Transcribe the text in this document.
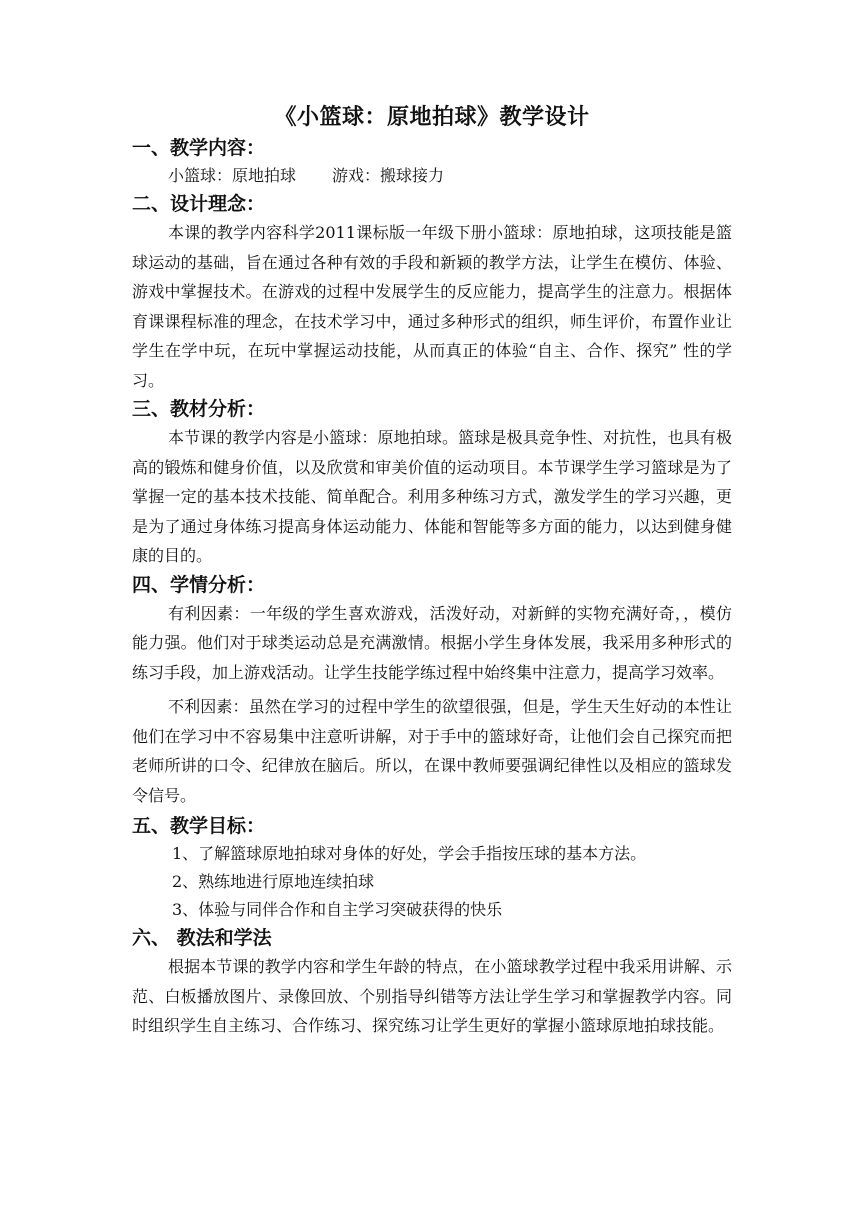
《小篮球：原地拍球》教学设计
一、教学内容：
小篮球：原地拍球 游戏：搬球接力
二、设计理念：

本课的教学内容科学2011课标版一年级下册小篮球：原地拍球，这项技能是篮球运动的基础，旨在通过各种有效的手段和新颖的教学方法，让学生在模仿、体验、游戏中掌握技术。在游戏的过程中发展学生的反应能力，提高学生的注意力。根据体育课课程标准的理念，在技术学习中，通过多种形式的组织，师生评价，布置作业让学生在学中玩，在玩中掌握运动技能，从而真正的体验“自主、合作、探究” 性的学习。

三、教材分析：

本节课的教学内容是小篮球：原地拍球。篮球是极具竞争性、对抗性，也具有极高的锻炼和健身价值，以及欣赏和审美价值的运动项目。本节课学生学习篮球是为了掌握一定的基本技术技能、简单配合。利用多种练习方式，激发学生的学习兴趣，更是为了通过身体练习提高身体运动能力、体能和智能等多方面的能力，以达到健身健康的目的。

四、学情分析：

有利因素：一年级的学生喜欢游戏，活泼好动，对新鲜的实物充满好奇，，模仿能力强。他们对于球类运动总是充满激情。根据小学生身体发展，我采用多种形式的练习手段，加上游戏活动。让学生技能学练过程中始终集中注意力，提高学习效率。

不利因素：虽然在学习的过程中学生的欲望很强，但是，学生天生好动的本性让他们在学习中不容易集中注意听讲解，对于手中的篮球好奇，让他们会自己探究而把老师所讲的口令、纪律放在脑后。所以，在课中教师要强调纪律性以及相应的篮球发令信号。

五、教学目标：
1、了解篮球原地拍球对身体的好处，学会手指按压球的基本方法。
2、熟练地进行原地连续拍球
3、体验与同伴合作和自主学习突破获得的快乐
六、 教法和学法

根据本节课的教学内容和学生年龄的特点，在小篮球教学过程中我采用讲解、示范、白板播放图片、录像回放、个别指导纠错等方法让学生学习和掌握教学内容。同时组织学生自主练习、合作练习、探究练习让学生更好的掌握小篮球原地拍球技能。
